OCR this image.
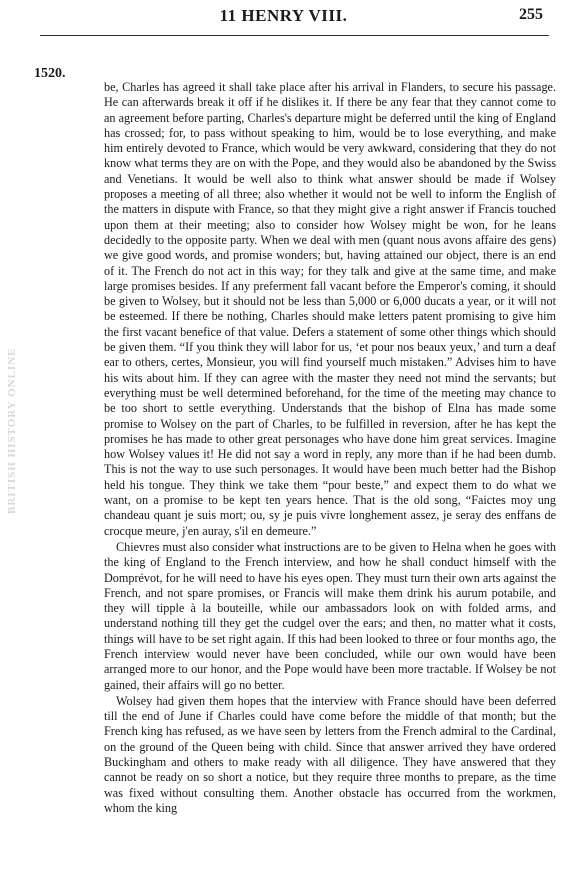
11 HENRY VIII.	255
1520.
BRITISH HISTORY ONLINE

be, Charles has agreed it shall take place after his arrival in Flanders, to secure his passage. He can afterwards break it off if he dislikes it. If there be any fear that they cannot come to an agreement before parting, Charles's departure might be deferred until the king of England has crossed; for, to pass without speaking to him, would be to lose everything, and make him entirely devoted to France, which would be very awkward, considering that they do not know what terms they are on with the Pope, and they would also be abandoned by the Swiss and Venetians. It would be well also to think what answer should be made if Wolsey proposes a meeting of all three; also whether it would not be well to inform the English of the matters in dispute with France, so that they might give a right answer if Francis touched upon them at their meeting; also to consider how Wolsey might be won, for he leans decidedly to the opposite party. When we deal with men (quant nous avons affaire des gens) we give good words, and promise wonders; but, having attained our object, there is an end of it. The French do not act in this way; for they talk and give at the same time, and make large promises besides. If any preferment fall vacant before the Emperor's coming, it should be given to Wolsey, but it should not be less than 5,000 or 6,000 ducats a year, or it will not be esteemed. If there be nothing, Charles should make letters patent promising to give him the first vacant benefice of that value. Defers a statement of some other things which should be given them. “If you think they will labor for us, ‘et pour nos beaux yeux,’ and turn a deaf ear to others, certes, Monsieur, you will find yourself much mistaken.” Advises him to have his wits about him. If they can agree with the master they need not mind the servants; but everything must be well determined beforehand, for the time of the meeting may chance to be too short to settle everything. Understands that the bishop of Elna has made some promise to Wolsey on the part of Charles, to be fulfilled in reversion, after he has kept the promises he has made to other great personages who have done him great services. Imagine how Wolsey values it! He did not say a word in reply, any more than if he had been dumb. This is not the way to use such personages. It would have been much better had the Bishop held his tongue. They think we take them “pour beste,” and expect them to do what we want, on a promise to be kept ten years hence. That is the old song, “Faictes moy ung chandeau quant je suis mort; ou, sy je puis vivre longhement assez, je seray des enffans de crocque meure, j'en auray, s'il en demeure.”

Chievres must also consider what instructions are to be given to Helna when he goes with the king of England to the French interview, and how he shall conduct himself with the Domprévot, for he will need to have his eyes open. They must turn their own arts against the French, and not spare promises, or Francis will make them drink his aurum potabile, and they will tipple à la bouteille, while our ambassadors look on with folded arms, and understand nothing till they get the cudgel over the ears; and then, no matter what it costs, things will have to be set right again. If this had been looked to three or four months ago, the French interview would never have been concluded, while our own would have been arranged more to our honor, and the Pope would have been more tractable. If Wolsey be not gained, their affairs will go no better.

Wolsey had given them hopes that the interview with France should have been deferred till the end of June if Charles could have come before the middle of that month; but the French king has refused, as we have seen by letters from the French admiral to the Cardinal, on the ground of the Queen being with child. Since that answer arrived they have ordered Buckingham and others to make ready with all diligence. They have answered that they cannot be ready on so short a notice, but they require three months to prepare, as the time was fixed without consulting them. Another obstacle has occurred from the workmen, whom the king
